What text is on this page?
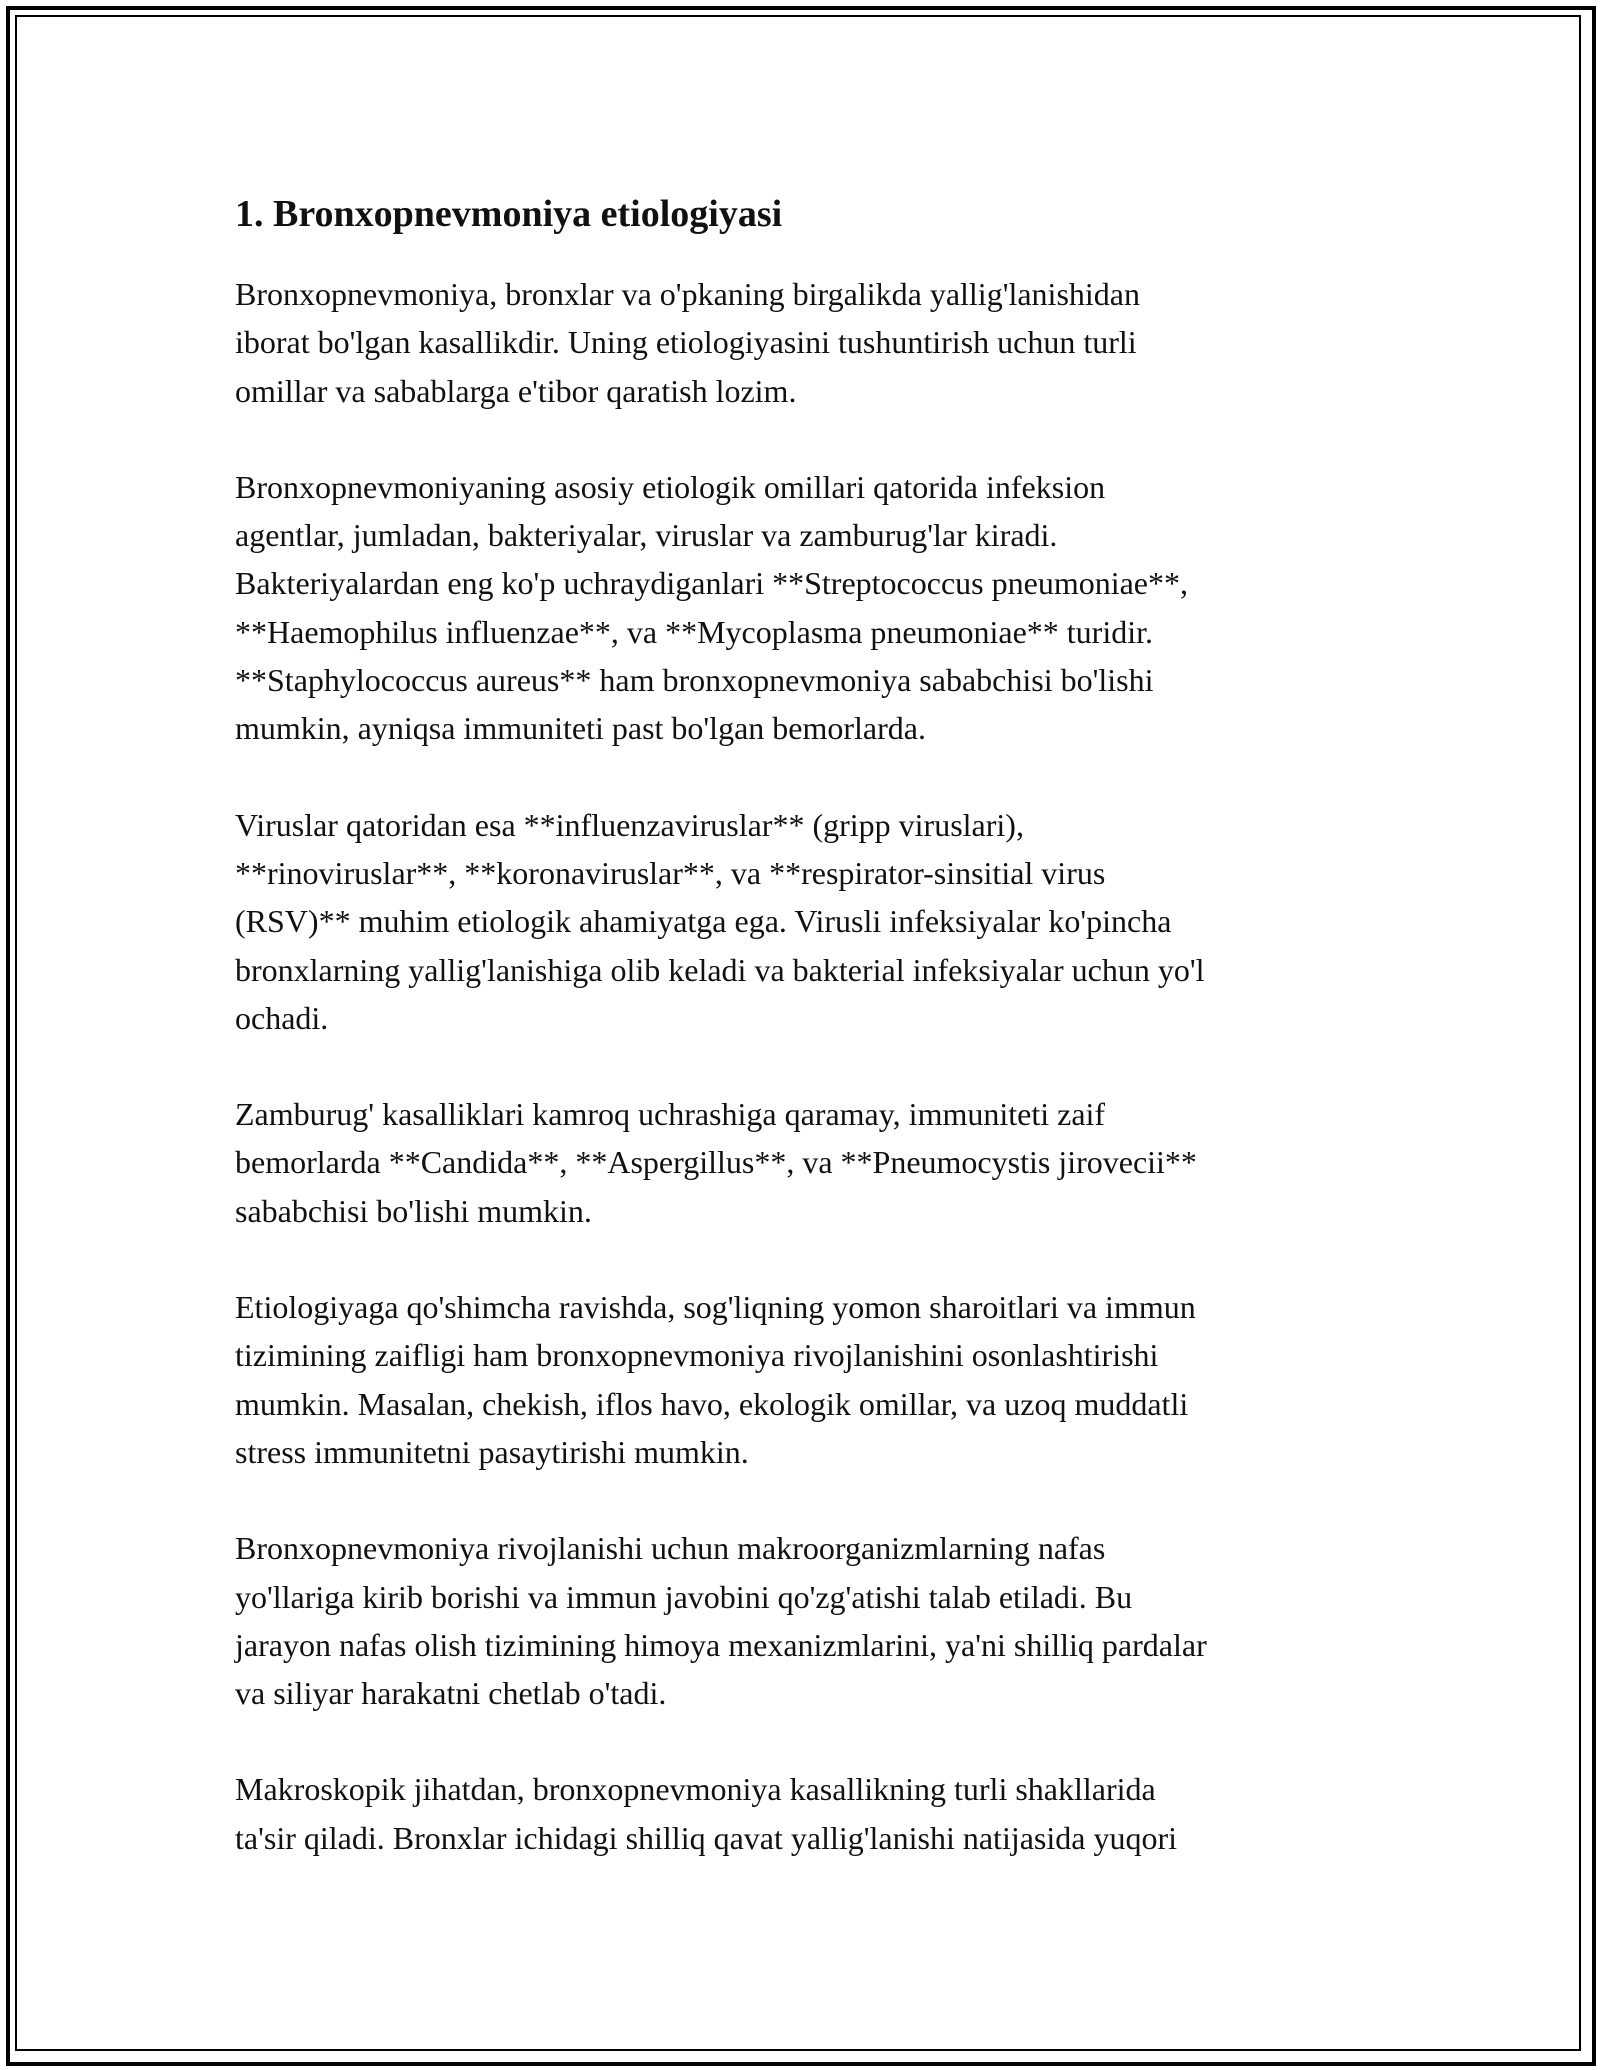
1. Bronxopnevmoniya etiologiyasi

Bronxopnevmoniya, bronxlar va o'pkaning birgalikda yallig'lanishidan
iborat bo'lgan kasallikdir. Uning etiologiyasini tushuntirish uchun turli
omillar va sabablarga e'tibor qaratish lozim.

Bronxopnevmoniyaning asosiy etiologik omillari qatorida infeksion
agentlar, jumladan, bakteriyalar, viruslar va zamburug'lar kiradi.
Bakteriyalardan eng ko'p uchraydiganlari **Streptococcus pneumoniae**,
**Haemophilus influenzae**, va **Mycoplasma pneumoniae** turidir.
**Staphylococcus aureus** ham bronxopnevmoniya sababchisi bo'lishi
mumkin, ayniqsa immuniteti past bo'lgan bemorlarda.

Viruslar qatoridan esa **influenzaviruslar** (gripp viruslari),
**rinoviruslar**, **koronaviruslar**, va **respirator-sinsitial virus
(RSV)** muhim etiologik ahamiyatga ega. Virusli infeksiyalar ko'pincha
bronxlarning yallig'lanishiga olib keladi va bakterial infeksiyalar uchun yo'l
ochadi.

Zamburug' kasalliklari kamroq uchrashiga qaramay, immuniteti zaif
bemorlarda **Candida**, **Aspergillus**, va **Pneumocystis jirovecii**
sababchisi bo'lishi mumkin.

Etiologiyaga qo'shimcha ravishda, sog'liqning yomon sharoitlari va immun
tizimining zaifligi ham bronxopnevmoniya rivojlanishini osonlashtirishi
mumkin. Masalan, chekish, iflos havo, ekologik omillar, va uzoq muddatli
stress immunitetni pasaytirishi mumkin.

Bronxopnevmoniya rivojlanishi uchun makroorganizmlarning nafas
yo'llariga kirib borishi va immun javobini qo'zg'atishi talab etiladi. Bu
jarayon nafas olish tizimining himoya mexanizmlarini, ya'ni shilliq pardalar
va siliyar harakatni chetlab o'tadi.

Makroskopik jihatdan, bronxopnevmoniya kasallikning turli shakllarida
ta'sir qiladi. Bronxlar ichidagi shilliq qavat yallig'lanishi natijasida yuqori
